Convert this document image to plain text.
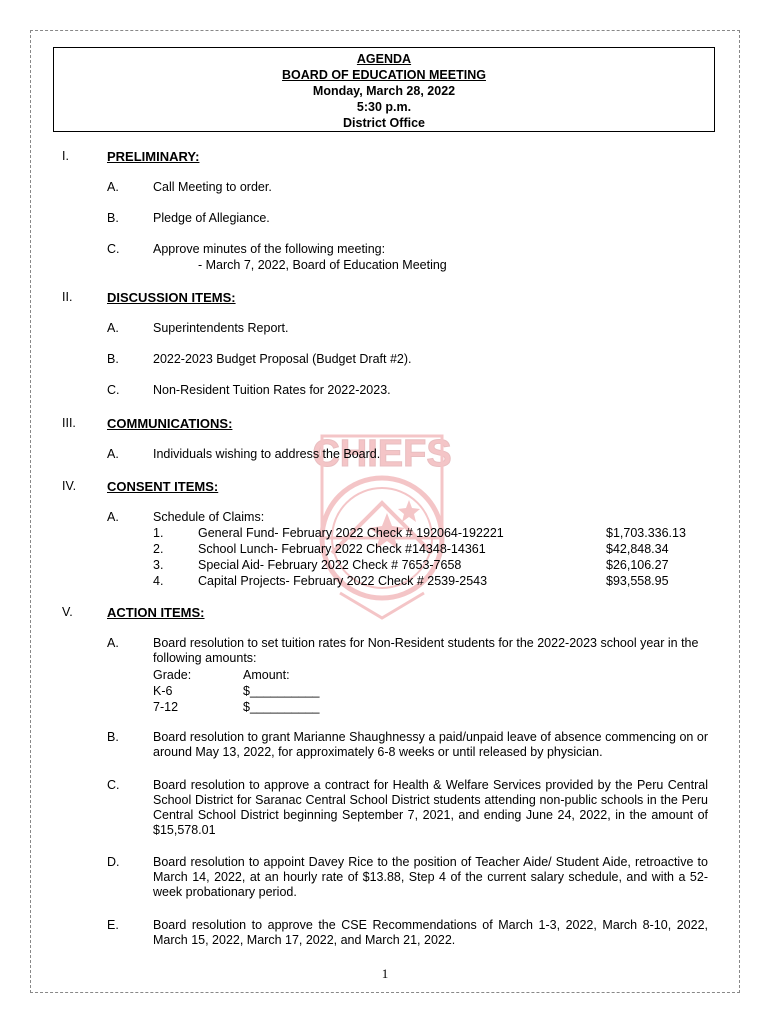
AGENDA
BOARD OF EDUCATION MEETING
Monday, March 28, 2022
5:30 p.m.
District Office
CHIEFS
I.	PRELIMINARY:
A.	Call Meeting to order.
B.	Pledge of Allegiance.
C.	Approve minutes of the following meeting:
- March 7, 2022, Board of Education Meeting
II.	DISCUSSION ITEMS:
A.	Superintendents Report.
B.	2022-2023 Budget Proposal (Budget Draft #2).
C.	Non-Resident Tuition Rates for 2022-2023.
III. COMMUNICATIONS:
A.	Individuals wishing to address the Board.
IV. CONSENT ITEMS:
A.	Schedule of Claims:
1.	General Fund- February 2022 Check # 192064-192221	$1,703.336.13
2.	School Lunch- February 2022 Check #14348-14361	$42,848.34
3.	Special Aid- February 2022 Check # 7653-7658	$26,106.27
4.	Capital Projects- February 2022 Check # 2539-2543	$93,558.95
V.	ACTION ITEMS:
A.	Board resolution to set tuition rates for Non-Resident students for the 2022-2023 school year in the following amounts:
Grade:	Amount:
K-6	$__________
7-12	$__________
B.	Board resolution to grant Marianne Shaughnessy a paid/unpaid leave of absence commencing on or around May 13, 2022, for approximately 6-8 weeks or until released by physician.
C.	Board resolution to approve a contract for Health & Welfare Services provided by the Peru Central School District for Saranac Central School District students attending non-public schools in the Peru Central School District beginning September 7, 2021, and ending June 24, 2022, in the amount of $15,578.01
D.	Board resolution to appoint Davey Rice to the position of Teacher Aide/ Student Aide, retroactive to March 14, 2022, at an hourly rate of $13.88, Step 4 of the current salary schedule, and with a 52-week probationary period.
E.	Board resolution to approve the CSE Recommendations of March 1-3, 2022, March 8-10, 2022, March 15, 2022, March 17, 2022, and March 21, 2022.
1
